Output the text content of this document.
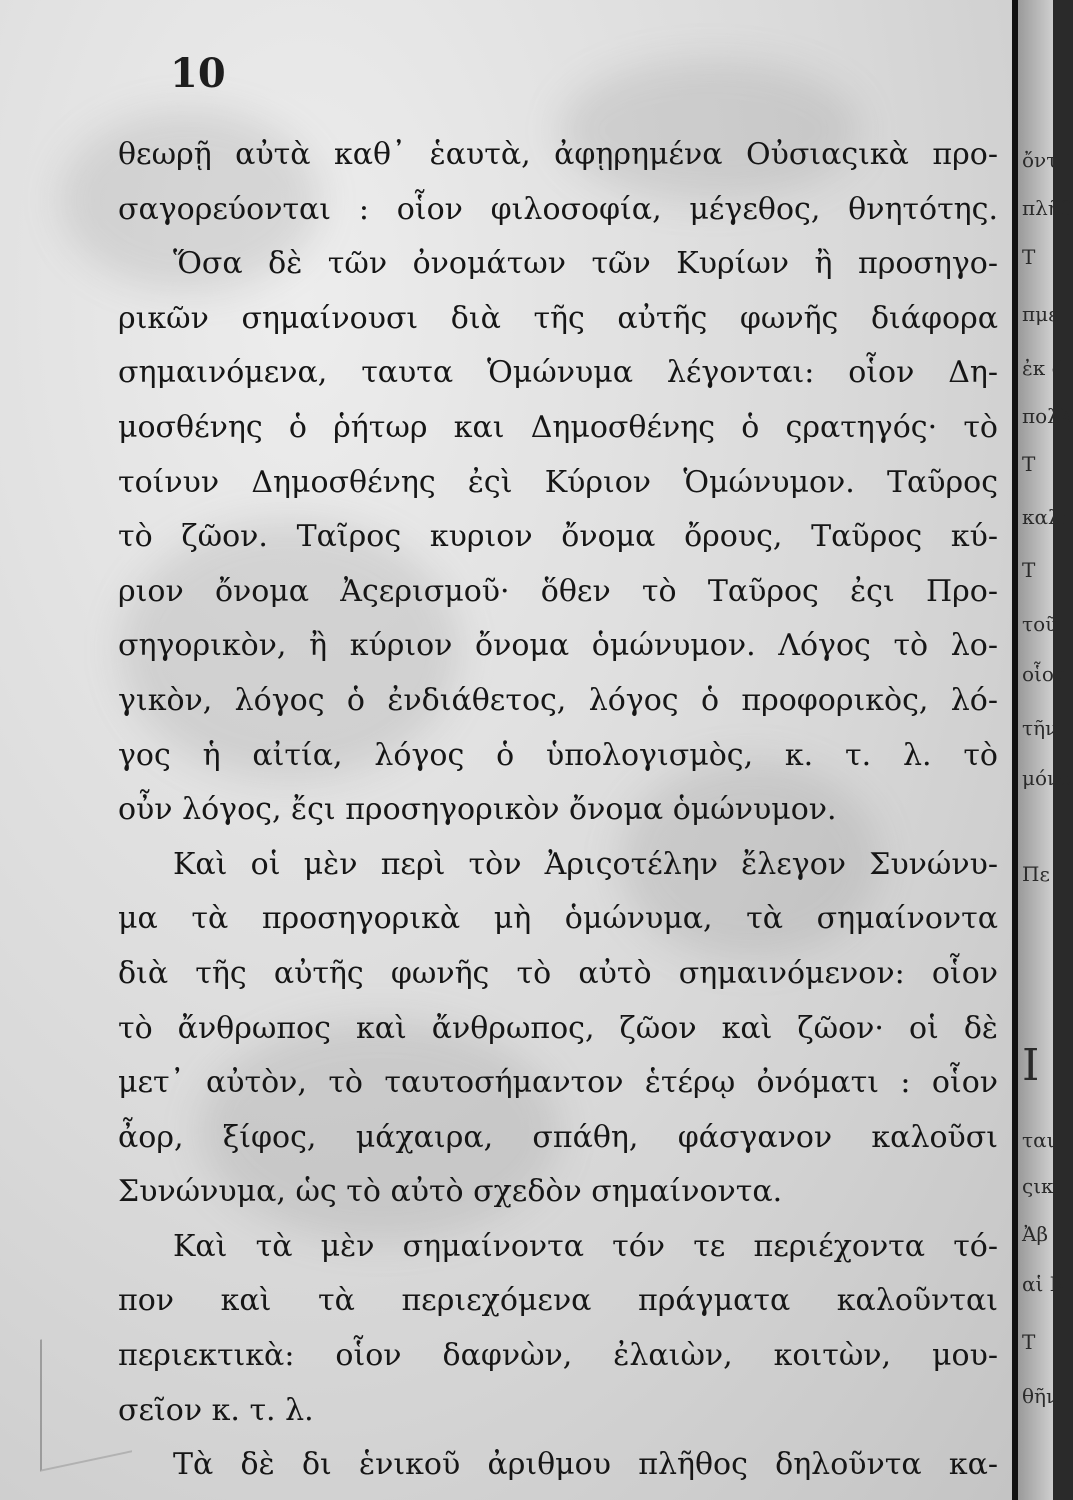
10
θεωρῇ αὐτὰ καθ᾽ ἑαυτὰ, ἀφῃρημένα Οὐσιαςικὰ προ-
σαγορεύονται : οἷον φιλοσοφία, μέγεθος, θνητότης.
Ὅσα δὲ τῶν ὀνομάτων τῶν Κυρίων ἢ προσηγο-
ρικῶν σημαίνουσι διὰ τῆς αὐτῆς φωνῆς διάφορα
σημαινόμενα, ταυτα Ὁμώνυμα λέγονται: οἷον Δη-
μοσθένης ὁ ῥήτωρ και Δημοσθένης ὁ ςρατηγός· τὸ
τοίνυν Δημοσθένης ἐςὶ Κύριον Ὁμώνυμον. Ταῦρος
τὸ ζῶον. Ταῖρος κυριον ὄνομα ὄρους, Ταῦρος κύ-
ριον ὄνομα Ἀςερισμοῦ· ὅθεν τὸ Ταῦρος ἐςι Προ-
σηγορικὸν, ἢ κύριον ὄνομα ὁμώνυμον. Λόγος τὸ λο-
γικὸν, λόγος ὁ ἐνδιάθετος, λόγος ὁ προφορικὸς, λό-
γος ἡ αἰτία, λόγος ὁ ὑπολογισμὸς, κ. τ. λ. τὸ
οὖν λόγος, ἔςι προσηγορικὸν ὄνομα ὁμώνυμον.
Καὶ οἱ μὲν περὶ τὸν Ἀριςοτέλην ἔλεγον Συνώνυ-
μα τὰ προσηγορικὰ μὴ ὁμώνυμα, τὰ σημαίνοντα
διὰ τῆς αὐτῆς φωνῆς τὸ αὐτὸ σημαινόμενον: οἷον
τὸ ἄνθρωπος καὶ ἄνθρωπος, ζῶον καὶ ζῶον· οἱ δὲ
μετ᾽ αὐτὸν, τὸ ταυτοσήμαντον ἑτέρῳ ὀνόματι : οἷον
ἆορ, ξίφος, μάχαιρα, σπάθη, φάσγανον καλοῦσι
Συνώνυμα, ὡς τὸ αὐτὸ σχεδὸν σημαίνοντα.
Καὶ τὰ μὲν σημαίνοντα τόν τε περιέχοντα τό-
πον καὶ τὰ περιεχόμενα πράγματα καλοῦνται
περιεκτικὰ: οἷον δαφνὼν, ἐλαιὼν, κοιτὼν, μου-
σεῖον κ. τ. λ.
Τὰ δὲ δι ἑνικοῦ ἀριθμου πλῆθος δηλοῦντα κα-
ὄντ
πλῆθ
Τ
πμε
ἐκ δ
πολλ
Τ
καλο
Τ
τοῦ
οἷον
τῆν
μόνο
Πε
Ι
ται
ςικ
Ἀβ
αἱ Ν
Τ
θῆν
